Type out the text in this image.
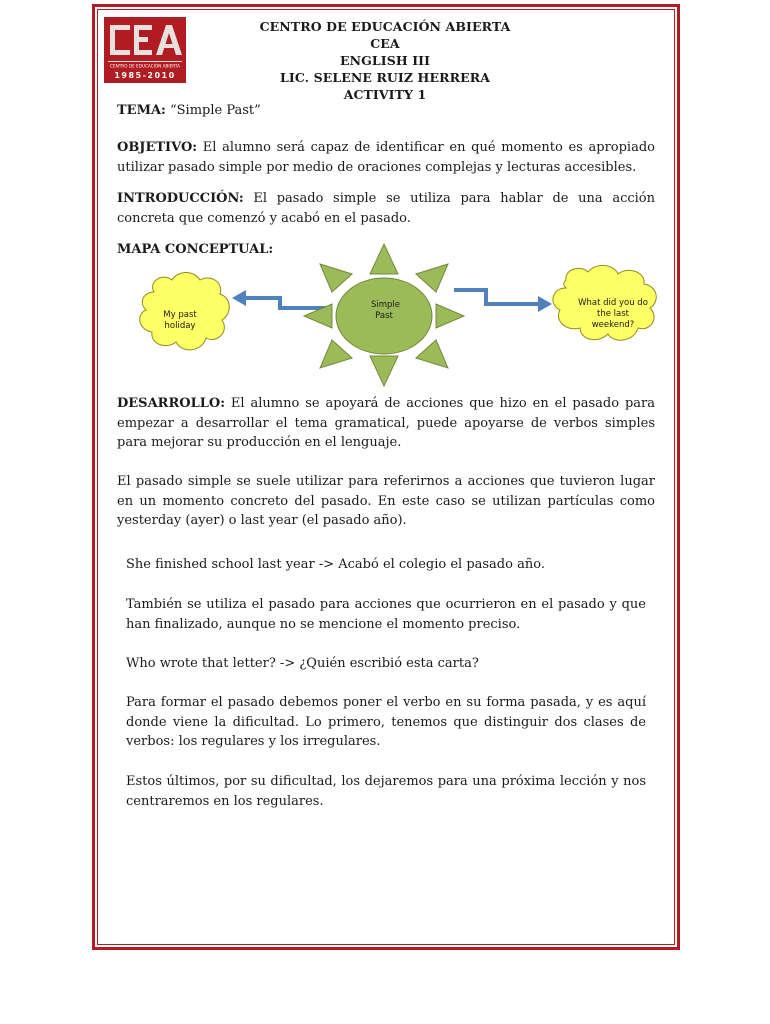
CENTRO DE EDUCACIÓN ABIERTA
1985-2010
CENTRO DE EDUCACIÓN ABIERTA
CEA
ENGLISH III
LIC. SELENE RUIZ HERRERA
ACTIVITY 1
TEMA: “Simple Past”
OBJETIVO: El alumno será capaz de identificar en qué momento es apropiado utilizar pasado simple por medio de oraciones complejas y lecturas accesibles.
INTRODUCCIÓN: El pasado simple se utiliza para hablar de una acción concreta que comenzó y acabó en el pasado.
MAPA CONCEPTUAL:
Simple Past
My past holiday
What did you do the last weekend?
DESARROLLO: El alumno se apoyará de acciones que hizo en el pasado para empezar a desarrollar el tema gramatical, puede apoyarse de verbos simples para mejorar su producción en el lenguaje.
El pasado simple se suele utilizar para referirnos a acciones que tuvieron lugar en un momento concreto del pasado. En este caso se utilizan partículas como yesterday (ayer) o last year (el pasado año).
She finished school last year -> Acabó el colegio el pasado año.
También se utiliza el pasado para acciones que ocurrieron en el pasado y que han finalizado, aunque no se mencione el momento preciso.
Who wrote that letter? -> ¿Quién escribió esta carta?
Para formar el pasado debemos poner el verbo en su forma pasada, y es aquí donde viene la dificultad. Lo primero, tenemos que distinguir dos clases de verbos: los regulares y los irregulares.
Estos últimos, por su dificultad, los dejaremos para una próxima lección y nos centraremos en los regulares.
